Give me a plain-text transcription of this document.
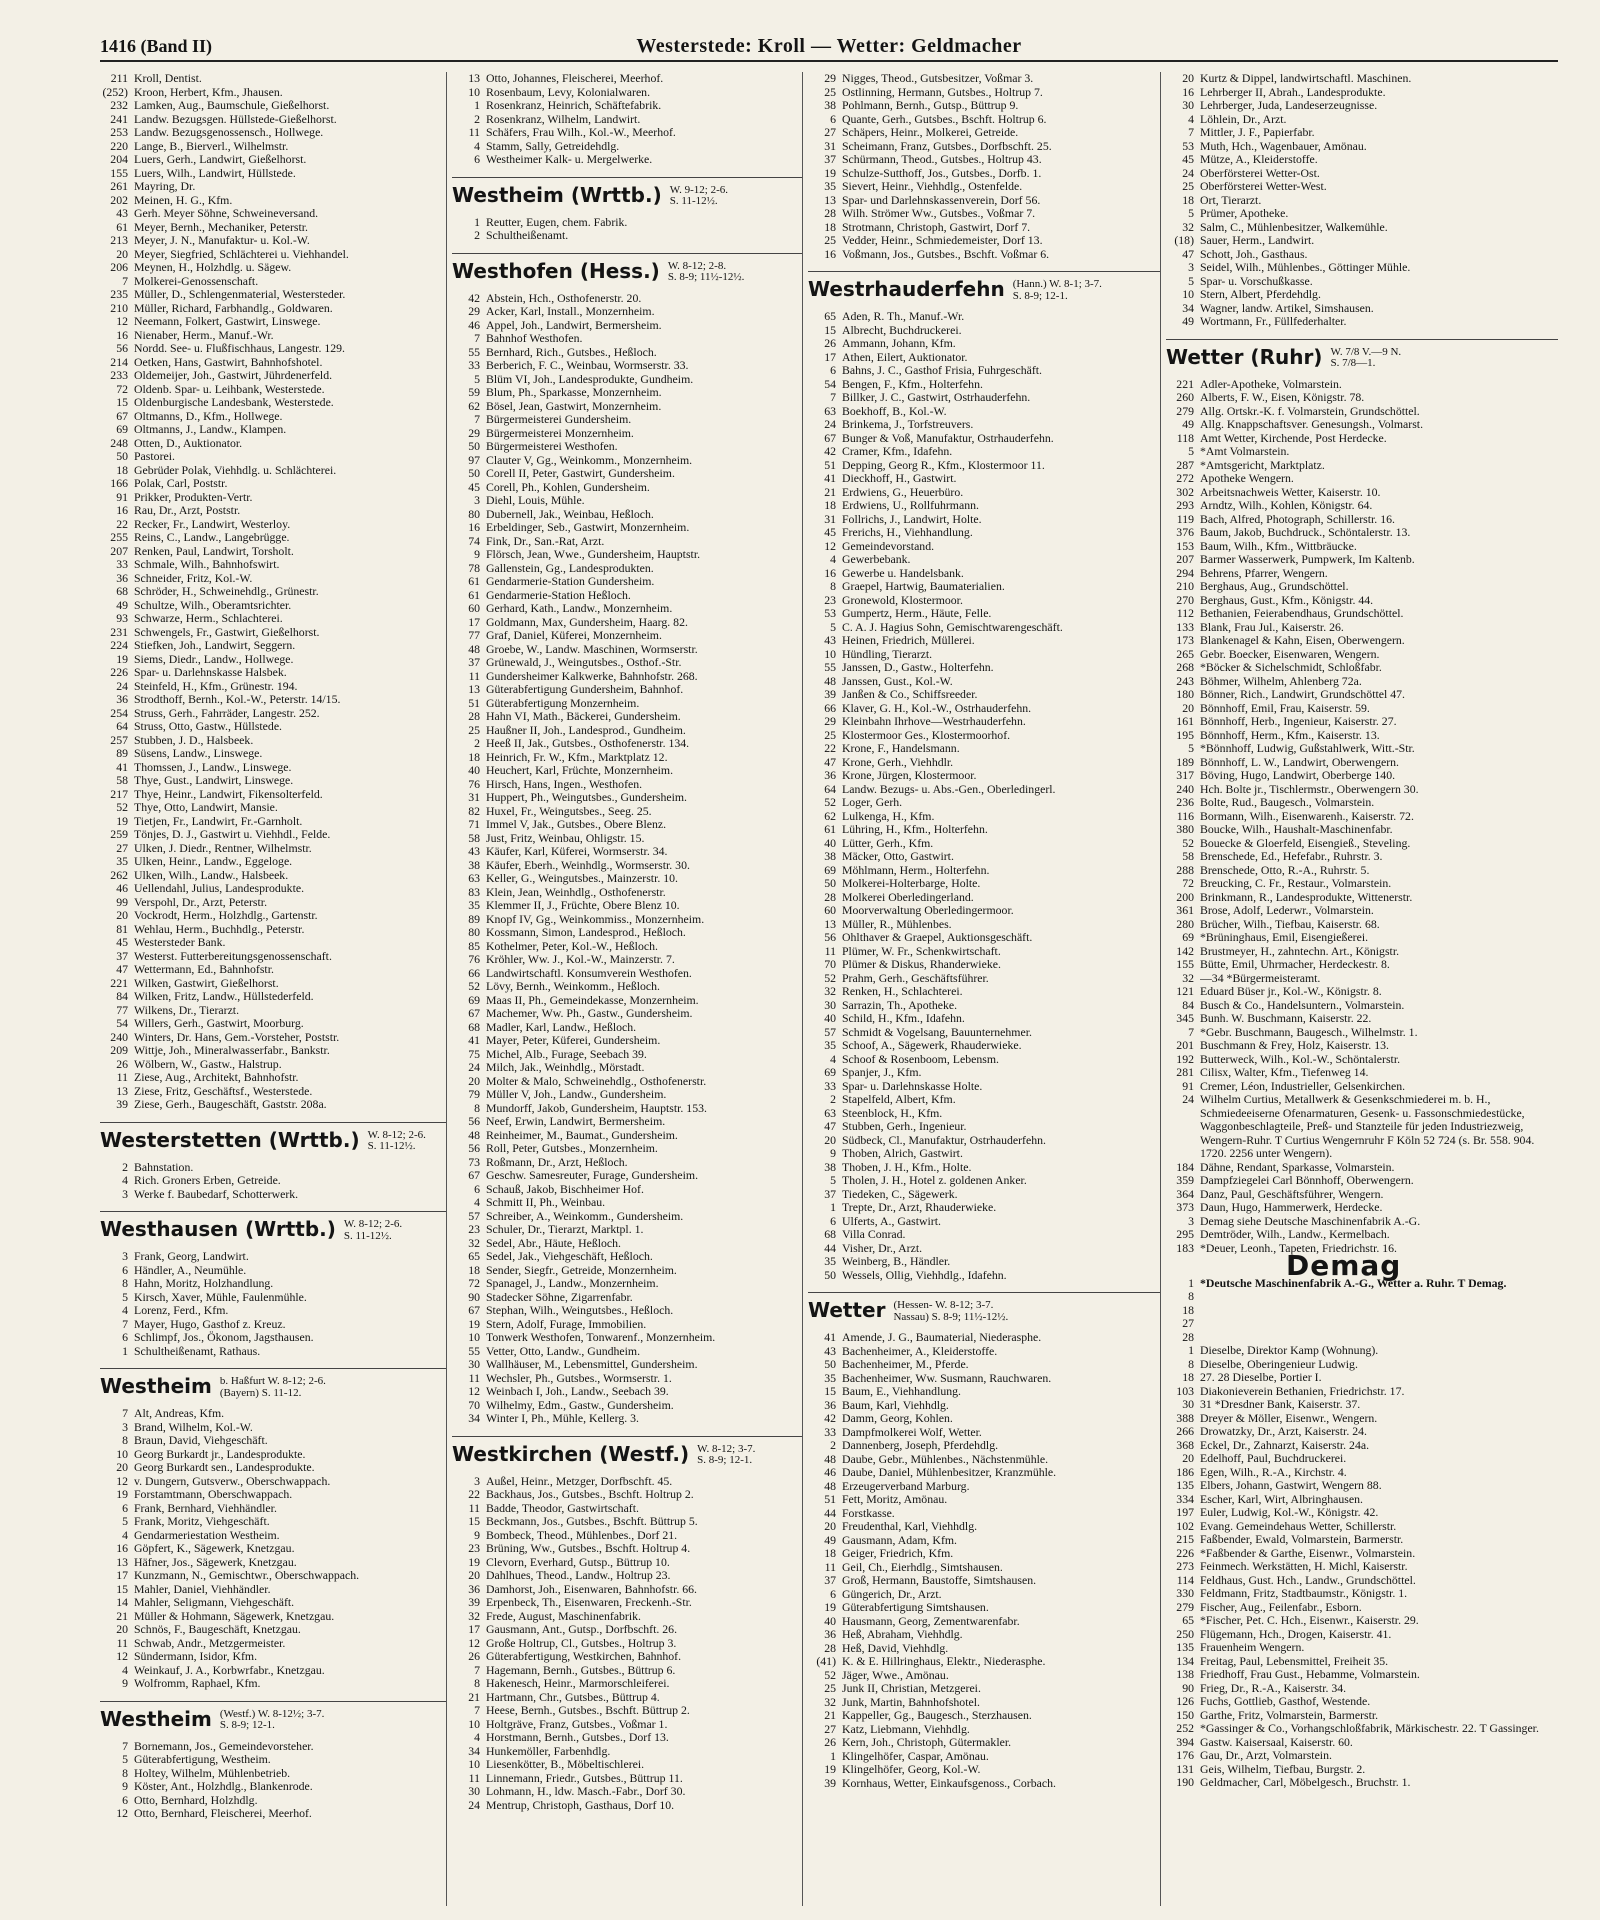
1416 (Band II)	Westerstede: Kroll — Wetter: Geldmacher
211 Kroll, Dentist.
(252) Kroon, Herbert, Kfm., Jhausen.
232 Lamken, Aug., Baumschule, Gießelhorst.
241 Landw. Bezugsgen. Hüllstede-Gießelhorst.
253 Landw. Bezugsgenossensch., Hollwege.
220 Lange, B., Bierverl., Wilhelmstr.
204 Luers, Gerh., Landwirt, Gießelhorst.
155 Luers, Wilh., Landwirt, Hüllstede.
261 Mayring, Dr.
202 Meinen, H. G., Kfm.
43 Gerh. Meyer Söhne, Schweineversand.
61 Meyer, Bernh., Mechaniker, Peterstr.
213 Meyer, J. N., Manufaktur- u. Kol.-W.
20 Meyer, Siegfried, Schlächterei u. Viehhandel.
206 Meynen, H., Holzhdlg. u. Sägew.
7 Molkerei-Genossenschaft.
235 Müller, D., Schlengenmaterial, Westersteder.
210 Müller, Richard, Farbhandlg., Goldwaren.
12 Neemann, Folkert, Gastwirt, Linswege.
16 Nienaber, Herm., Manuf.-Wr.
56 Nordd. See- u. Flußfischhaus, Langestr. 129.
214 Oetken, Hans, Gastwirt, Bahnhofshotel.
233 Oldemeijer, Joh., Gastwirt, Jührdenerfeld.
72 Oldenb. Spar- u. Leihbank, Westerstede.
15 Oldenburgische Landesbank, Westerstede.
67 Oltmanns, D., Kfm., Hollwege.
69 Oltmanns, J., Landw., Klampen.
248 Otten, D., Auktionator.
50 Pastorei.
18 Gebrüder Polak, Viehhdlg. u. Schlächterei.
166 Polak, Carl, Poststr.
91 Prikker, Produkten-Vertr.
16 Rau, Dr., Arzt, Poststr.
22 Recker, Fr., Landwirt, Westerloy.
255 Reins, C., Landw., Langebrügge.
207 Renken, Paul, Landwirt, Torsholt.
33 Schmale, Wilh., Bahnhofswirt.
36 Schneider, Fritz, Kol.-W.
68 Schröder, H., Schweinehdlg., Grünestr.
49 Schultze, Wilh., Oberamtsrichter.
93 Schwarze, Herm., Schlachterei.
231 Schwengels, Fr., Gastwirt, Gießelhorst.
224 Stiefken, Joh., Landwirt, Seggern.
19 Siems, Diedr., Landw., Hollwege.
226 Spar- u. Darlehnskasse Halsbek.
24 Steinfeld, H., Kfm., Grünestr. 194.
36 Strodthoff, Bernh., Kol.-W., Peterstr. 14/15.
254 Struss, Gerh., Fahrräder, Langestr. 252.
64 Struss, Otto, Gastw., Hüllstede.
257 Stubben, J. D., Halsbeek.
89 Süsens, Landw., Linswege.
41 Thomssen, J., Landw., Linswege.
58 Thye, Gust., Landwirt, Linswege.
217 Thye, Heinr., Landwirt, Fikensolterfeld.
52 Thye, Otto, Landwirt, Mansie.
19 Tietjen, Fr., Landwirt, Fr.-Garnholt.
259 Tönjes, D. J., Gastwirt u. Viehhdl., Felde.
27 Ulken, J. Diedr., Rentner, Wilhelmstr.
35 Ulken, Heinr., Landw., Eggeloge.
262 Ulken, Wilh., Landw., Halsbeek.
46 Uellendahl, Julius, Landesprodukte.
99 Verspohl, Dr., Arzt, Peterstr.
20 Vockrodt, Herm., Holzhdlg., Gartenstr.
81 Wehlau, Herm., Buchhdlg., Peterstr.
45 Westersteder Bank.
37 Westerst. Futterbereitungsgenossenschaft.
47 Wettermann, Ed., Bahnhofstr.
221 Wilken, Gastwirt, Gießelhorst.
84 Wilken, Fritz, Landw., Hüllstederfeld.
77 Wilkens, Dr., Tierarzt.
54 Willers, Gerh., Gastwirt, Moorburg.
240 Winters, Dr. Hans, Gem.-Vorsteher, Poststr.
209 Wittje, Joh., Mineralwasserfabr., Bankstr.
26 Wölbern, W., Gastw., Halstrup.
11 Ziese, Aug., Architekt, Bahnhofstr.
13 Ziese, Fritz, Geschäftsf., Westerstede.
39 Ziese, Gerh., Baugeschäft, Gaststr. 208a.
Westerstetten (Wrttb.) W. 8-12; 2-6.
S. 11-12½.
2 Bahnstation.
4 Rich. Groners Erben, Getreide.
3 Werke f. Baubedarf, Schotterwerk.
Westhausen (Wrttb.) W. 8-12; 2-6.
S. 11-12½.
3 Frank, Georg, Landwirt.
6 Händler, A., Neumühle.
8 Hahn, Moritz, Holzhandlung.
5 Kirsch, Xaver, Mühle, Faulenmühle.
4 Lorenz, Ferd., Kfm.
7 Mayer, Hugo, Gasthof z. Kreuz.
6 Schlimpf, Jos., Ökonom, Jagsthausen.
1 Schultheißenamt, Rathaus.
Westheim b. Haßfurt W. 8-12; 2-6.
(Bayern) S. 11-12.
7 Alt, Andreas, Kfm.
3 Brand, Wilhelm, Kol.-W.
8 Braun, David, Viehgeschäft.
10 Georg Burkardt jr., Landesprodukte.
20 Georg Burkardt sen., Landesprodukte.
12 v. Dungern, Gutsverw., Oberschwappach.
19 Forstamtmann, Oberschwappach.
6 Frank, Bernhard, Viehhändler.
5 Frank, Moritz, Viehgeschäft.
4 Gendarmeriestation Westheim.
16 Göpfert, K., Sägewerk, Knetzgau.
13 Häfner, Jos., Sägewerk, Knetzgau.
17 Kunzmann, N., Gemischtwr., Oberschwappach.
15 Mahler, Daniel, Viehhändler.
14 Mahler, Seligmann, Viehgeschäft.
21 Müller & Hohmann, Sägewerk, Knetzgau.
20 Schnös, F., Baugeschäft, Knetzgau.
11 Schwab, Andr., Metzgermeister.
12 Sündermann, Isidor, Kfm.
4 Weinkauf, J. A., Korbwrfabr., Knetzgau.
9 Wolfromm, Raphael, Kfm.
Westheim (Westf.) W. 8-12½; 3-7.
S. 8-9; 12-1.
7 Bornemann, Jos., Gemeindevorsteher.
5 Güterabfertigung, Westheim.
8 Holtey, Wilhelm, Mühlenbetrieb.
9 Köster, Ant., Holzhdlg., Blankenrode.
6 Otto, Bernhard, Holzhdlg.
12 Otto, Bernhard, Fleischerei, Meerhof.
13 Otto, Johannes, Fleischerei, Meerhof.
10 Rosenbaum, Levy, Kolonialwaren.
1 Rosenkranz, Heinrich, Schäftefabrik.
2 Rosenkranz, Wilhelm, Landwirt.
11 Schäfers, Frau Wilh., Kol.-W., Meerhof.
4 Stamm, Sally, Getreidehdlg.
6 Westheimer Kalk- u. Mergelwerke.
Westheim (Wrttb.) W. 9-12; 2-6.
S. 11-12½.
1 Reutter, Eugen, chem. Fabrik.
2 Schultheißenamt.
Westhofen (Hess.) W. 8-12; 2-8.
S. 8-9; 11½-12½.
42 Abstein, Hch., Osthofenerstr. 20.
29 Acker, Karl, Install., Monzernheim.
46 Appel, Joh., Landwirt, Bermersheim.
7 Bahnhof Westhofen.
55 Bernhard, Rich., Gutsbes., Heßloch.
33 Berberich, F. C., Weinbau, Wormserstr. 33.
5 Blüm VI, Joh., Landesprodukte, Gundheim.
59 Blum, Ph., Sparkasse, Monzernheim.
62 Bösel, Jean, Gastwirt, Monzernheim.
7 Bürgermeisterei Gundersheim.
29 Bürgermeisterei Monzernheim.
50 Bürgermeisterei Westhofen.
97 Clauter V, Gg., Weinkomm., Monzernheim.
50 Corell II, Peter, Gastwirt, Gundersheim.
45 Corell, Ph., Kohlen, Gundersheim.
3 Diehl, Louis, Mühle.
80 Dubernell, Jak., Weinbau, Heßloch.
16 Erbeldinger, Seb., Gastwirt, Monzernheim.
74 Fink, Dr., San.-Rat, Arzt.
9 Flörsch, Jean, Wwe., Gundersheim, Hauptstr.
78 Gallenstein, Gg., Landesprodukten.
61 Gendarmerie-Station Gundersheim.
61 Gendarmerie-Station Heßloch.
60 Gerhard, Kath., Landw., Monzernheim.
17 Goldmann, Max, Gundersheim, Haarg. 82.
77 Graf, Daniel, Küferei, Monzernheim.
48 Groebe, W., Landw. Maschinen, Wormserstr.
37 Grünewald, J., Weingutsbes., Osthof.-Str.
11 Gundersheimer Kalkwerke, Bahnhofstr. 268.
13 Güterabfertigung Gundersheim, Bahnhof.
51 Güterabfertigung Monzernheim.
28 Hahn VI, Math., Bäckerei, Gundersheim.
25 Haußner II, Joh., Landesprod., Gundheim.
2 Heeß II, Jak., Gutsbes., Osthofenerstr. 134.
18 Heinrich, Fr. W., Kfm., Marktplatz 12.
40 Heuchert, Karl, Früchte, Monzernheim.
76 Hirsch, Hans, Ingen., Westhofen.
31 Huppert, Ph., Weingutsbes., Gundersheim.
82 Huxel, Fr., Weingutsbes., Seeg. 25.
71 Immel V, Jak., Gutsbes., Obere Blenz.
58 Just, Fritz, Weinbau, Ohligstr. 15.
43 Käufer, Karl, Küferei, Wormserstr. 34.
38 Käufer, Eberh., Weinhdlg., Wormserstr. 30.
63 Keller, G., Weingutsbes., Mainzerstr. 10.
83 Klein, Jean, Weinhdlg., Osthofenerstr.
35 Klemmer II, J., Früchte, Obere Blenz 10.
89 Knopf IV, Gg., Weinkommiss., Monzernheim.
80 Kossmann, Simon, Landesprod., Heßloch.
85 Kothelmer, Peter, Kol.-W., Heßloch.
76 Kröhler, Ww. J., Kol.-W., Mainzerstr. 7.
66 Landwirtschaftl. Konsumverein Westhofen.
52 Lövy, Bernh., Weinkomm., Heßloch.
69 Maas II, Ph., Gemeindekasse, Monzernheim.
67 Machemer, Ww. Ph., Gastw., Gundersheim.
68 Madler, Karl, Landw., Heßloch.
41 Mayer, Peter, Küferei, Gundersheim.
75 Michel, Alb., Furage, Seebach 39.
24 Milch, Jak., Weinhdlg., Mörstadt.
20 Molter & Malo, Schweinehdlg., Osthofenerstr.
79 Müller V, Joh., Landw., Gundersheim.
8 Mundorff, Jakob, Gundersheim, Hauptstr. 153.
56 Neef, Erwin, Landwirt, Bermersheim.
48 Reinheimer, M., Baumat., Gundersheim.
56 Roll, Peter, Gutsbes., Monzernheim.
73 Roßmann, Dr., Arzt, Heßloch.
67 Geschw. Samesreuter, Furage, Gundersheim.
6 Schauß, Jakob, Bischheimer Hof.
4 Schmitt II, Ph., Weinbau.
57 Schreiber, A., Weinkomm., Gundersheim.
23 Schuler, Dr., Tierarzt, Marktpl. 1.
32 Sedel, Abr., Häute, Heßloch.
65 Sedel, Jak., Viehgeschäft, Heßloch.
18 Sender, Siegfr., Getreide, Monzernheim.
72 Spanagel, J., Landw., Monzernheim.
90 Stadecker Söhne, Zigarrenfabr.
67 Stephan, Wilh., Weingutsbes., Heßloch.
19 Stern, Adolf, Furage, Immobilien.
10 Tonwerk Westhofen, Tonwarenf., Monzernheim.
55 Vetter, Otto, Landw., Gundheim.
30 Wallhäuser, M., Lebensmittel, Gundersheim.
11 Wechsler, Ph., Gutsbes., Wormserstr. 1.
12 Weinbach I, Joh., Landw., Seebach 39.
70 Wilhelmy, Edm., Gastw., Gundersheim.
34 Winter I, Ph., Mühle, Kellerg. 3.
Westkirchen (Westf.) W. 8-12; 3-7.
S. 8-9; 12-1.
3 Außel, Heinr., Metzger, Dorfbschft. 45.
22 Backhaus, Jos., Gutsbes., Bschft. Holtrup 2.
11 Badde, Theodor, Gastwirtschaft.
15 Beckmann, Jos., Gutsbes., Bschft. Büttrup 5.
9 Bombeck, Theod., Mühlenbes., Dorf 21.
23 Brüning, Ww., Gutsbes., Bschft. Holtrup 4.
19 Clevorn, Everhard, Gutsp., Büttrup 10.
20 Dahlhues, Theod., Landw., Holtrup 23.
36 Damhorst, Joh., Eisenwaren, Bahnhofstr. 66.
39 Erpenbeck, Th., Eisenwaren, Freckenh.-Str.
32 Frede, August, Maschinenfabrik.
17 Gausmann, Ant., Gutsp., Dorfbschft. 26.
12 Große Holtrup, Cl., Gutsbes., Holtrup 3.
26 Güterabfertigung, Westkirchen, Bahnhof.
7 Hagemann, Bernh., Gutsbes., Büttrup 6.
8 Hakenesch, Heinr., Marmorschleiferei.
21 Hartmann, Chr., Gutsbes., Büttrup 4.
7 Heese, Bernh., Gutsbes., Bschft. Büttrup 2.
10 Holtgräve, Franz, Gutsbes., Voßmar 1.
4 Horstmann, Bernh., Gutsbes., Dorf 13.
34 Hunkemöller, Farbenhdlg.
10 Liesenkötter, B., Möbeltischlerei.
11 Linnemann, Friedr., Gutsbes., Büttrup 11.
30 Lohmann, H., ldw. Masch.-Fabr., Dorf 30.
24 Mentrup, Christoph, Gasthaus, Dorf 10.
29 Nigges, Theod., Gutsbesitzer, Voßmar 3.
25 Ostlinning, Hermann, Gutsbes., Holtrup 7.
38 Pohlmann, Bernh., Gutsp., Büttrup 9.
6 Quante, Gerh., Gutsbes., Bschft. Holtrup 6.
27 Schäpers, Heinr., Molkerei, Getreide.
31 Scheimann, Franz, Gutsbes., Dorfbschft. 25.
37 Schürmann, Theod., Gutsbes., Holtrup 43.
19 Schulze-Sutthoff, Jos., Gutsbes., Dorfb. 1.
35 Sievert, Heinr., Viehhdlg., Ostenfelde.
13 Spar- und Darlehnskassenverein, Dorf 56.
28 Wilh. Strömer Ww., Gutsbes., Voßmar 7.
18 Strotmann, Christoph, Gastwirt, Dorf 7.
25 Vedder, Heinr., Schmiedemeister, Dorf 13.
16 Voßmann, Jos., Gutsbes., Bschft. Voßmar 6.
Westrhauderfehn (Hann.) W. 8-1; 3-7.
S. 8-9; 12-1.
65 Aden, R. Th., Manuf.-Wr.
15 Albrecht, Buchdruckerei.
26 Ammann, Johann, Kfm.
17 Athen, Eilert, Auktionator.
6 Bahns, J. C., Gasthof Frisia, Fuhrgeschäft.
54 Bengen, F., Kfm., Holterfehn.
7 Billker, J. C., Gastwirt, Ostrhauderfehn.
63 Boekhoff, B., Kol.-W.
24 Brinkema, J., Torfstreuvers.
67 Bunger & Voß, Manufaktur, Ostrhauderfehn.
42 Cramer, Kfm., Idafehn.
51 Depping, Georg R., Kfm., Klostermoor 11.
41 Dieckhoff, H., Gastwirt.
21 Erdwiens, G., Heuerbüro.
18 Erdwiens, U., Rollfuhrmann.
31 Follrichs, J., Landwirt, Holte.
45 Frerichs, H., Viehhandlung.
12 Gemeindevorstand.
4 Gewerbebank.
16 Gewerbe u. Handelsbank.
8 Graepel, Hartwig, Baumaterialien.
23 Gronewold, Klostermoor.
53 Gumpertz, Herm., Häute, Felle.
5 C. A. J. Hagius Sohn, Gemischtwarengeschäft.
43 Heinen, Friedrich, Müllerei.
10 Hündling, Tierarzt.
55 Janssen, D., Gastw., Holterfehn.
48 Janssen, Gust., Kol.-W.
39 Janßen & Co., Schiffsreeder.
66 Klaver, G. H., Kol.-W., Ostrhauderfehn.
29 Kleinbahn Ihrhove—Westrhauderfehn.
25 Klostermoor Ges., Klostermoorhof.
22 Krone, F., Handelsmann.
47 Krone, Gerh., Viehhdlr.
36 Krone, Jürgen, Klostermoor.
64 Landw. Bezugs- u. Abs.-Gen., Oberledingerl.
52 Loger, Gerh.
62 Lulkenga, H., Kfm.
61 Lühring, H., Kfm., Holterfehn.
40 Lütter, Gerh., Kfm.
38 Mäcker, Otto, Gastwirt.
69 Möhlmann, Herm., Holterfehn.
50 Molkerei-Holterbarge, Holte.
28 Molkerei Oberledingerland.
60 Moorverwaltung Oberledingermoor.
13 Müller, R., Mühlenbes.
56 Ohlthaver & Graepel, Auktionsgeschäft.
11 Plümer, W. Fr., Schenkwirtschaft.
70 Plümer & Diskus, Rhanderwieke.
52 Prahm, Gerh., Geschäftsführer.
32 Renken, H., Schlachterei.
30 Sarrazin, Th., Apotheke.
40 Schild, H., Kfm., Idafehn.
57 Schmidt & Vogelsang, Bauunternehmer.
35 Schoof, A., Sägewerk, Rhauderwieke.
4 Schoof & Rosenboom, Lebensm.
69 Spanjer, J., Kfm.
33 Spar- u. Darlehnskasse Holte.
2 Stapelfeld, Albert, Kfm.
63 Steenblock, H., Kfm.
47 Stubben, Gerh., Ingenieur.
20 Südbeck, Cl., Manufaktur, Ostrhauderfehn.
9 Thoben, Alrich, Gastwirt.
38 Thoben, J. H., Kfm., Holte.
5 Tholen, J. H., Hotel z. goldenen Anker.
37 Tiedeken, C., Sägewerk.
1 Trepte, Dr., Arzt, Rhauderwieke.
6 Ulferts, A., Gastwirt.
68 Villa Conrad.
44 Visher, Dr., Arzt.
35 Weinberg, B., Händler.
50 Wessels, Ollig, Viehhdlg., Idafehn.
Wetter (Hessen- W. 8-12; 3-7.
Nassau) S. 8-9; 11½-12½.
41 Amende, J. G., Baumaterial, Niederasphe.
43 Bachenheimer, A., Kleiderstoffe.
50 Bachenheimer, M., Pferde.
35 Bachenheimer, Ww. Susmann, Rauchwaren.
15 Baum, E., Viehhandlung.
36 Baum, Karl, Viehhdlg.
42 Damm, Georg, Kohlen.
33 Dampfmolkerei Wolf, Wetter.
2 Dannenberg, Joseph, Pferdehdlg.
48 Daube, Gebr., Mühlenbes., Nächstenmühle.
46 Daube, Daniel, Mühlenbesitzer, Kranzmühle.
48 Erzeugerverband Marburg.
51 Fett, Moritz, Amönau.
44 Forstkasse.
20 Freudenthal, Karl, Viehhdlg.
49 Gausmann, Adam, Kfm.
18 Geiger, Friedrich, Kfm.
11 Geil, Ch., Eierhdlg., Simtshausen.
37 Groß, Hermann, Baustoffe, Simtshausen.
6 Güngerich, Dr., Arzt.
19 Güterabfertigung Simtshausen.
40 Hausmann, Georg, Zementwarenfabr.
36 Heß, Abraham, Viehhdlg.
28 Heß, David, Viehhdlg.
(41) K. & E. Hillringhaus, Elektr., Niederasphe.
52 Jäger, Wwe., Amönau.
25 Junk II, Christian, Metzgerei.
32 Junk, Martin, Bahnhofshotel.
21 Kappeller, Gg., Baugesch., Sterzhausen.
27 Katz, Liebmann, Viehhdlg.
26 Kern, Joh., Christoph, Gütermakler.
1 Klingelhöfer, Caspar, Amönau.
19 Klingelhöfer, Georg, Kol.-W.
39 Kornhaus, Wetter, Einkaufsgenoss., Corbach.
20 Kurtz & Dippel, landwirtschaftl. Maschinen.
16 Lehrberger II, Abrah., Landesprodukte.
30 Lehrberger, Juda, Landeserzeugnisse.
4 Löhlein, Dr., Arzt.
7 Mittler, J. F., Papierfabr.
53 Muth, Hch., Wagenbauer, Amönau.
45 Mütze, A., Kleiderstoffe.
24 Oberförsterei Wetter-Ost.
25 Oberförsterei Wetter-West.
18 Ort, Tierarzt.
5 Prümer, Apotheke.
32 Salm, C., Mühlenbesitzer, Walkemühle.
(18) Sauer, Herm., Landwirt.
47 Schott, Joh., Gasthaus.
3 Seidel, Wilh., Mühlenbes., Göttinger Mühle.
5 Spar- u. Vorschußkasse.
10 Stern, Albert, Pferdehdlg.
34 Wagner, landw. Artikel, Simshausen.
49 Wortmann, Fr., Füllfederhalter.
Wetter (Ruhr) W. 7/8 V.—9 N.
S. 7/8—1.
221 Adler-Apotheke, Volmarstein.
260 Alberts, F. W., Eisen, Königstr. 78.
279 Allg. Ortskr.-K. f. Volmarstein, Grundschöttel.
49 Allg. Knappschaftsver. Genesungsh., Volmarst.
118 Amt Wetter, Kirchende, Post Herdecke.
5 *Amt Volmarstein.
287 *Amtsgericht, Marktplatz.
272 Apotheke Wengern.
302 Arbeitsnachweis Wetter, Kaiserstr. 10.
293 Arndtz, Wilh., Kohlen, Königstr. 64.
119 Bach, Alfred, Photograph, Schillerstr. 16.
376 Baum, Jakob, Buchdruck., Schöntalerstr. 13.
153 Baum, Wilh., Kfm., Wittbräucke.
207 Barmer Wasserwerk, Pumpwerk, Im Kaltenb.
294 Behrens, Pfarrer, Wengern.
210 Berghaus, Aug., Grundschöttel.
270 Berghaus, Gust., Kfm., Königstr. 44.
112 Bethanien, Feierabendhaus, Grundschöttel.
133 Blank, Frau Jul., Kaiserstr. 26.
173 Blankenagel & Kahn, Eisen, Oberwengern.
265 Gebr. Boecker, Eisenwaren, Wengern.
268 *Böcker & Sichelschmidt, Schloßfabr.
243 Böhmer, Wilhelm, Ahlenberg 72a.
180 Bönner, Rich., Landwirt, Grundschöttel 47.
20 Bönnhoff, Emil, Frau, Kaiserstr. 59.
161 Bönnhoff, Herb., Ingenieur, Kaiserstr. 27.
195 Bönnhoff, Herm., Kfm., Kaiserstr. 13.
5 *Bönnhoff, Ludwig, Gußstahlwerk, Witt.-Str.
189 Bönnhoff, L. W., Landwirt, Oberwengern.
317 Böving, Hugo, Landwirt, Oberberge 140.
240 Hch. Bolte jr., Tischlermstr., Oberwengern 30.
236 Bolte, Rud., Baugesch., Volmarstein.
116 Bormann, Wilh., Eisenwarenh., Kaiserstr. 72.
380 Boucke, Wilh., Haushalt-Maschinenfabr.
52 Bouecke & Gloerfeld, Eisengieß., Steveling.
58 Brenschede, Ed., Hefefabr., Ruhrstr. 3.
288 Brenschede, Otto, R.-A., Ruhrstr. 5.
72 Breucking, C. Fr., Restaur., Volmarstein.
200 Brinkmann, R., Landesprodukte, Wittenerstr.
361 Brose, Adolf, Lederwr., Volmarstein.
280 Brücher, Wilh., Tiefbau, Kaiserstr. 68.
69 *Brüninghaus, Emil, Eisengießerei.
142 Brustmeyer, H., zahntechn. Art., Königstr.
155 Bütte, Emil, Uhrmacher, Herdeckestr. 8.
32 —34 *Bürgermeisteramt.
121 Eduard Büser jr., Kol.-W., Königstr. 8.
84 Busch & Co., Handelsuntern., Volmarstein.
345 Bunh. W. Buschmann, Kaiserstr. 22.
7 *Gebr. Buschmann, Baugesch., Wilhelmstr. 1.
201 Buschmann & Frey, Holz, Kaiserstr. 13.
192 Butterweck, Wilh., Kol.-W., Schöntalerstr.
281 Cilisx, Walter, Kfm., Tiefenweg 14.
91 Cremer, Léon, Industrieller, Gelsenkirchen.
24 Wilhelm Curtius, Metallwerk & Gesenkschmiederei m. b. H., Schmiedeeiserne Ofenarmaturen, Gesenk- u. Fassonschmiedestücke, Waggonbeschlagteile, Preß- und Stanzteile für jeden Industriezweig, Wengern-Ruhr. T Curtius Wengernruhr F Köln 52 724 (s. Br. 558. 904. 1720. 2256 unter Wengern).
184 Dähne, Rendant, Sparkasse, Volmarstein.
359 Dampfziegelei Carl Bönnhoff, Oberwengern.
364 Danz, Paul, Geschäftsführer, Wengern.
373 Daun, Hugo, Hammerwerk, Herdecke.
3 Demag siehe Deutsche Maschinenfabrik A.-G.
295 Demtröder, Wilh., Landw., Kermelbach.
183 *Deuer, Leonh., Tapeten, Friedrichstr. 16.
Demag
1
8
18
27
28
*Deutsche Maschinenfabrik A.-G., Wetter a. Ruhr. T Demag.
1 Dieselbe, Direktor Kamp (Wohnung).
8 Dieselbe, Oberingenieur Ludwig.
18 27. 28 Dieselbe, Portier I.
103 Diakonieverein Bethanien, Friedrichstr. 17.
30 31 *Dresdner Bank, Kaiserstr. 37.
388 Dreyer & Möller, Eisenwr., Wengern.
266 Drowatzky, Dr., Arzt, Kaiserstr. 24.
368 Eckel, Dr., Zahnarzt, Kaiserstr. 24a.
20 Edelhoff, Paul, Buchdruckerei.
186 Egen, Wilh., R.-A., Kirchstr. 4.
135 Elbers, Johann, Gastwirt, Wengern 88.
334 Escher, Karl, Wirt, Albringhausen.
197 Euler, Ludwig, Kol.-W., Königstr. 42.
102 Evang. Gemeindehaus Wetter, Schillerstr.
215 Faßbender, Ewald, Volmarstein, Barmerstr.
226 *Faßbender & Garthe, Eisenwr., Volmarstein.
273 Feinmech. Werkstätten, H. Michl, Kaiserstr.
114 Feldhaus, Gust. Hch., Landw., Grundschöttel.
330 Feldmann, Fritz, Stadtbaumstr., Königstr. 1.
279 Fischer, Aug., Feilenfabr., Esborn.
65 *Fischer, Pet. C. Hch., Eisenwr., Kaiserstr. 29.
250 Flügemann, Hch., Drogen, Kaiserstr. 41.
135 Frauenheim Wengern.
134 Freitag, Paul, Lebensmittel, Freiheit 35.
138 Friedhoff, Frau Gust., Hebamme, Volmarstein.
90 Frieg, Dr., R.-A., Kaiserstr. 34.
126 Fuchs, Gottlieb, Gasthof, Westende.
150 Garthe, Fritz, Volmarstein, Barmerstr.
252 *Gassinger & Co., Vorhangschloßfabrik, Märkischestr. 22. T Gassinger.
394 Gastw. Kaisersaal, Kaiserstr. 60.
176 Gau, Dr., Arzt, Volmarstein.
131 Geis, Wilhelm, Tiefbau, Burgstr. 2.
190 Geldmacher, Carl, Möbelgesch., Bruchstr. 1.
